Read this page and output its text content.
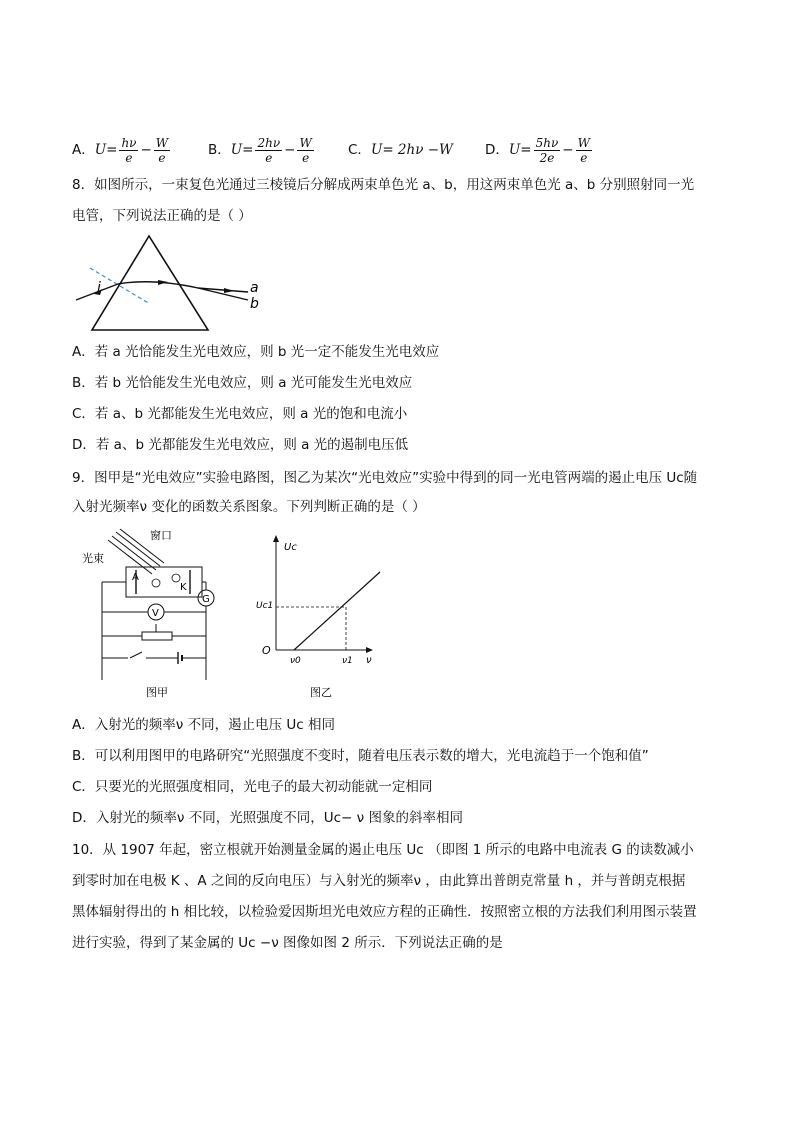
A．$U= \frac{h\nu}{e} - \frac{W}{e}$	B．$U= \frac{2h\nu}{e} - \frac{W}{e}$	C．U= 2hν −W D．$U= \frac{5h\nu}{2e} - \frac{W}{e}$
8．如图所示，一束复色光通过三棱镜后分解成两束单色光 a、b，用这两束单色光 a、b 分别照射同一光
电管，下列说法正确的是（ ）
i	a
b
A．若 a 光恰能发生光电效应，则 b 光一定不能发生光电效应
B．若 b 光恰能发生光电效应，则 a 光可能发生光电效应
C．若 a、b 光都能发生光电效应，则 a 光的饱和电流小
D．若 a、b 光都能发生光电效应，则 a 光的遏制电压低
9．图甲是“光电效应”实验电路图，图乙为某次“光电效应”实验中得到的同一光电管两端的遏止电压 Uc随
入射光频率ν 变化的函数关系图象。下列判断正确的是（ ）
窗口
光束
A
K
G
V
图甲
Uc
Uc1
O
ν0	ν1 ν
图乙
A．入射光的频率ν 不同，遏止电压 Uc 相同
B．可以利用图甲的电路研究“光照强度不变时，随着电压表示数的增大，光电流趋于一个饱和值”
C．只要光的光照强度相同，光电子的最大初动能就一定相同
D．入射光的频率ν 不同，光照强度不同，Uc− ν 图象的斜率相同
10．从 1907 年起，密立根就开始测量金属的遏止电压 Uc （即图 1 所示的电路中电流表 G 的读数减小
到零时加在电极 K 、A 之间的反向电压）与入射光的频率ν ，由此算出普朗克常量 h ，并与普朗克根据
黑体辐射得出的 h 相比较，以检验爱因斯坦光电效应方程的正确性．按照密立根的方法我们利用图示装置
进行实验，得到了某金属的 Uc −ν 图像如图 2 所示．下列说法正确的是
